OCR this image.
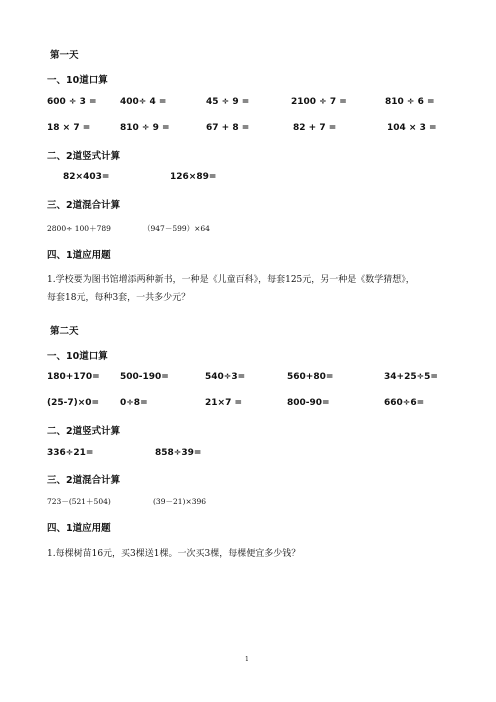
第一天
一、10道口算
600 ÷ 3 =	400÷ 4 =	45 ÷ 9 =	2100 ÷ 7 =	810 ÷ 6 =
18 × 7 =	810 ÷ 9 =	67 + 8 =	82 + 7 =	104 × 3 =
二、2道竖式计算
82×403=	126×89=
三、2道混合计算
2800÷ 100＋789	（947－599）×64
四、1道应用题
1.学校要为图书馆增添两种新书，一种是《儿童百科》，每套125元，另一种是《数学猜想》，
每套18元，每种3套，一共多少元？
第二天
一、10道口算
180+170= 500-190=	540÷3=	560+80=	34+25÷5=
(25-7)×0= 0÷8=	21×7 =	800-90=	660÷6=
二、2道竖式计算
336÷21=	858÷39=
三、2道混合计算
723－(521＋504)	(39－21)×396
四、1道应用题
1.每棵树苗16元，买3棵送1棵。一次买3棵，每棵便宜多少钱？
1
